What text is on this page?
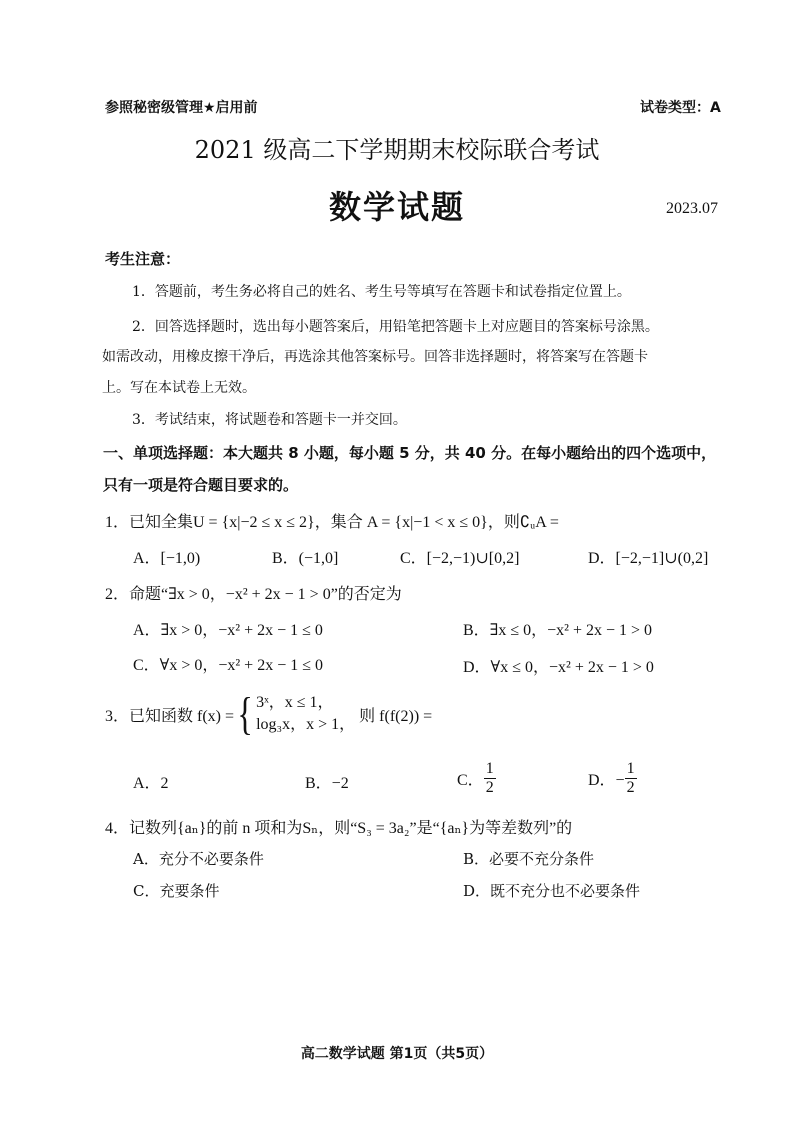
参照秘密级管理★启用前	试卷类型：A
2021 级高二下学期期末校际联合考试
数学试题	2023.07
考生注意：
1．答题前，考生务必将自己的姓名、考生号等填写在答题卡和试卷指定位置上。
2．回答选择题时，选出每小题答案后，用铅笔把答题卡上对应题目的答案标号涂黑。
如需改动，用橡皮擦干净后，再选涂其他答案标号。回答非选择题时，将答案写在答题卡
上。写在本试卷上无效。
3．考试结束，将试题卷和答题卡一并交回。
一、单项选择题：本大题共 8 小题，每小题 5 分，共 40 分。在每小题给出的四个选项中，
只有一项是符合题目要求的。
1．已知全集U = {x|−2 ≤ x ≤ 2}，集合 A = {x|−1 < x ≤ 0}，则∁ᵤA =
A．[−1,0)	B．(−1,0]	C．[−2,−1)∪[0,2]	D．[−2,−1]∪(0,2]
2．命题“∃x > 0，−x² + 2x − 1 > 0”的否定为
A．∃x > 0，−x² + 2x − 1 ≤ 0	B．∃x ≤ 0，−x² + 2x − 1 > 0
C．∀x > 0，−x² + 2x − 1 ≤ 0	D．∀x ≤ 0，−x² + 2x − 1 > 0
3．已知函数 f(x) = { 3ˣ，x ≤ 1，
log₃x，x > 1， 则 f(f(2)) =
A．2	B．−2	C． $\frac{1}{2}$	D．− $\frac{1}{2}$
4．记数列{aₙ}的前 n 项和为Sₙ，则“S₃ = 3a₂”是“{aₙ}为等差数列”的
A．充分不必要条件	B．必要不充分条件
C．充要条件	D．既不充分也不必要条件
高二数学试题 第1页（共5页）
